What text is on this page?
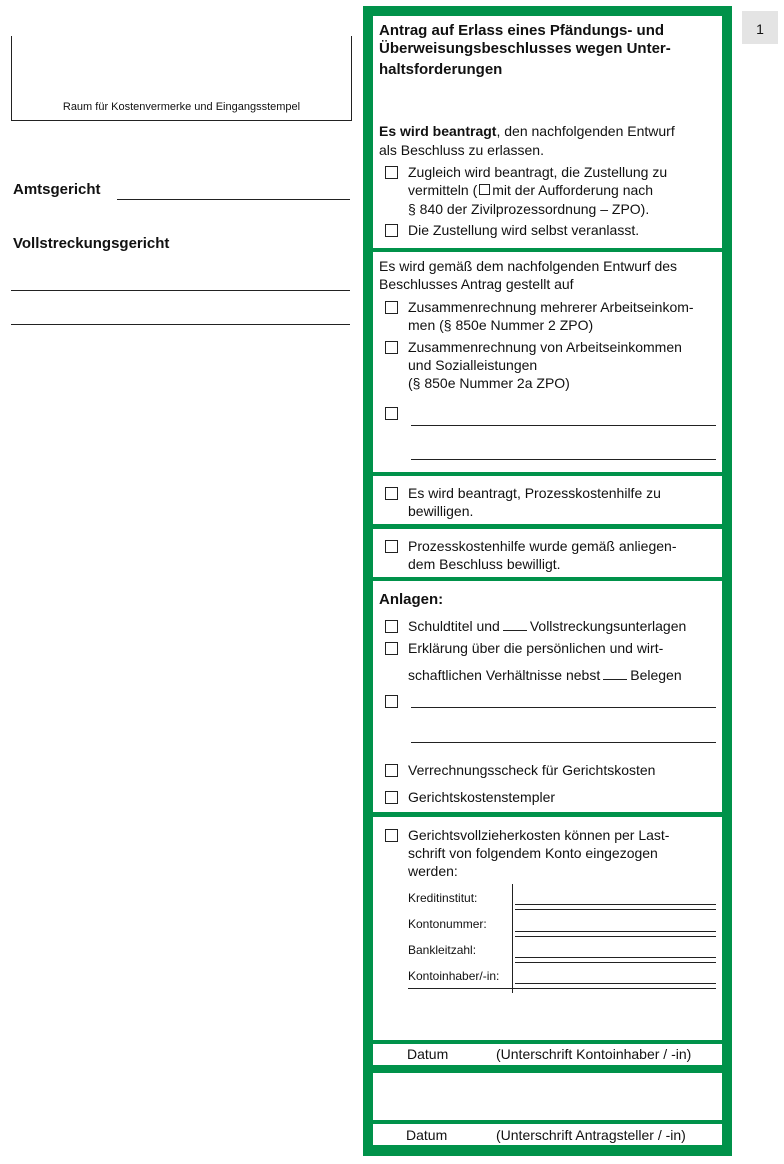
Raum für Kostenvermerke und Eingangsstempel
Amtsgericht
Vollstreckungsgericht
1
Antrag auf Erlass eines Pfändungs- und
Überweisungsbeschlusses wegen Unter-
haltsforderungen
Es wird beantragt, den nachfolgenden Entwurf
als Beschluss zu erlassen.
Zugleich wird beantragt, die Zustellung zu
vermitteln ( mit der Aufforderung nach
§ 840 der Zivilprozessordnung – ZPO).
Die Zustellung wird selbst veranlasst.
Es wird gemäß dem nachfolgenden Entwurf des
Beschlusses Antrag gestellt auf
Zusammenrechnung mehrerer Arbeitseinkom-
men (§ 850e Nummer 2 ZPO)
Zusammenrechnung von Arbeitseinkommen
und Sozialleistungen
(§ 850e Nummer 2a ZPO)
Es wird beantragt, Prozesskostenhilfe zu
bewilligen.
Prozesskostenhilfe wurde gemäß anliegen-
dem Beschluss bewilligt.
Anlagen:
Schuldtitel und Vollstreckungsunterlagen
Erklärung über die persönlichen und wirt-
schaftlichen Verhältnisse nebst Belegen
Verrechnungsscheck für Gerichtskosten
Gerichtskostenstempler
Gerichtsvollzieherkosten können per Last-
schrift von folgendem Konto eingezogen
werden:
Kreditinstitut:
Kontonummer:
Bankleitzahl:
Kontoinhaber/-in:
Datum	(Unterschrift Kontoinhaber / -in)
Datum	(Unterschrift Antragsteller / -in)
